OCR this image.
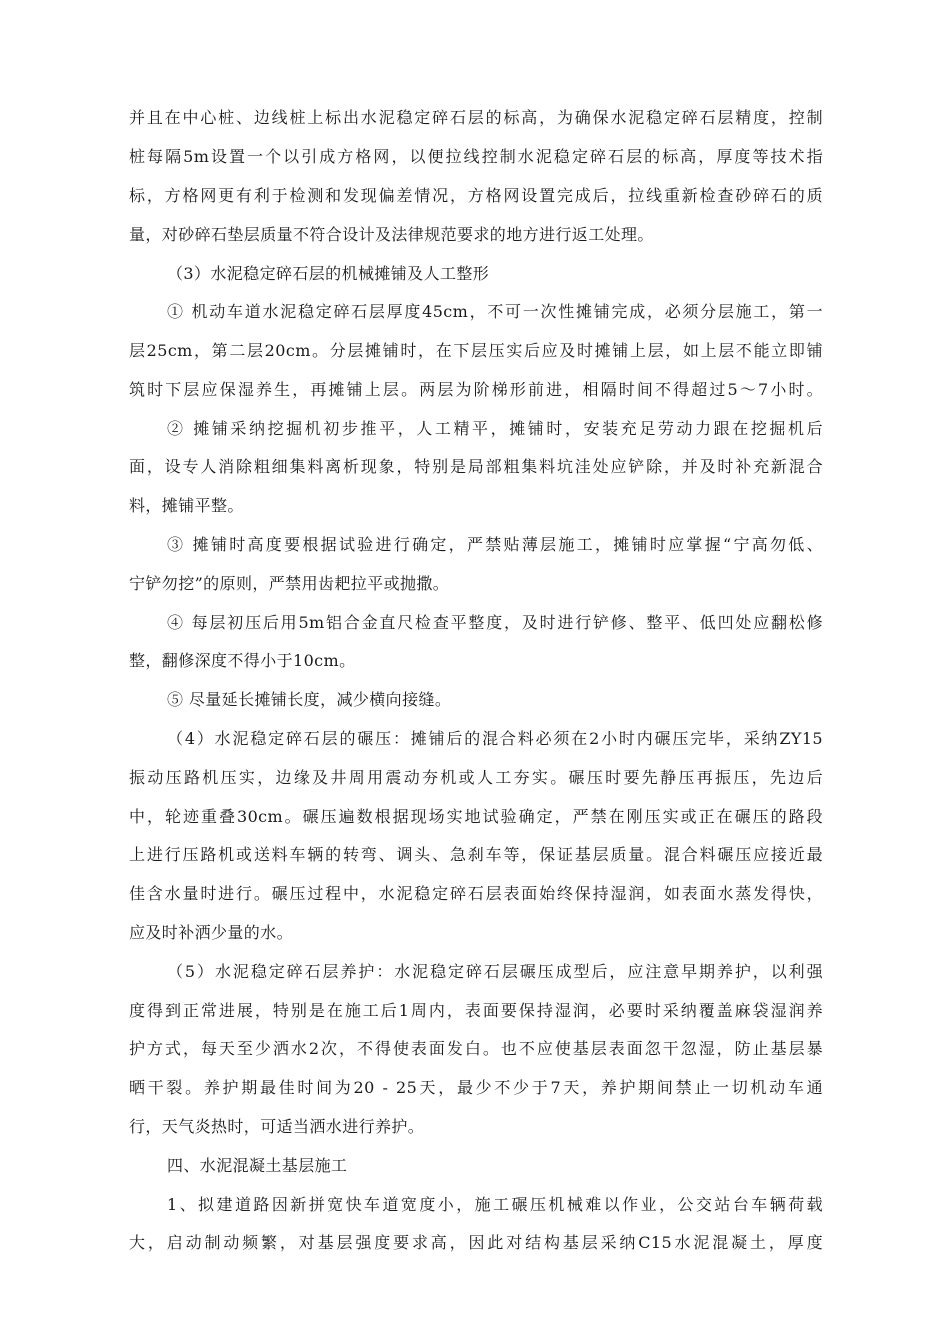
并且在中心桩、边线桩上标出水泥稳定碎石层的标高，为确保水泥稳定碎石层精度，控制
桩每隔5m设置一个以引成方格网，以便拉线控制水泥稳定碎石层的标高，厚度等技术指
标，方格网更有利于检测和发现偏差情况，方格网设置完成后，拉线重新检查砂碎石的质
量，对砂碎石垫层质量不符合设计及法律规范要求的地方进行返工处理。
（3）水泥稳定碎石层的机械摊铺及人工整形
① 机动车道水泥稳定碎石层厚度45cm，不可一次性摊铺完成，必须分层施工，第一
层25cm，第二层20cm。分层摊铺时，在下层压实后应及时摊铺上层，如上层不能立即铺
筑时下层应保湿养生，再摊铺上层。两层为阶梯形前进，相隔时间不得超过5～7小时。
② 摊铺采纳挖掘机初步推平，人工精平，摊铺时，安装充足劳动力跟在挖掘机后
面，设专人消除粗细集料离析现象，特别是局部粗集料坑洼处应铲除，并及时补充新混合
料，摊铺平整。
③ 摊铺时高度要根据试验进行确定，严禁贴薄层施工，摊铺时应掌握“宁高勿低、
宁铲勿挖”的原则，严禁用齿耙拉平或抛撒。
④ 每层初压后用5m铝合金直尺检查平整度，及时进行铲修、整平、低凹处应翻松修
整，翻修深度不得小于10cm。
⑤ 尽量延长摊铺长度，减少横向接缝。
（4）水泥稳定碎石层的碾压：摊铺后的混合料必须在2小时内碾压完毕，采纳ZY15
振动压路机压实，边缘及井周用震动夯机或人工夯实。碾压时要先静压再振压，先边后
中，轮迹重叠30cm。碾压遍数根据现场实地试验确定，严禁在刚压实或正在碾压的路段
上进行压路机或送料车辆的转弯、调头、急刹车等，保证基层质量。混合料碾压应接近最
佳含水量时进行。碾压过程中，水泥稳定碎石层表面始终保持湿润，如表面水蒸发得快，
应及时补洒少量的水。
（5）水泥稳定碎石层养护：水泥稳定碎石层碾压成型后，应注意早期养护，以利强
度得到正常进展，特别是在施工后1周内，表面要保持湿润，必要时采纳覆盖麻袋湿润养
护方式，每天至少洒水2次，不得使表面发白。也不应使基层表面忽干忽湿，防止基层暴
晒干裂。养护期最佳时间为20 - 25天，最少不少于7天，养护期间禁止一切机动车通
行，天气炎热时，可适当洒水进行养护。
四、水泥混凝土基层施工
1、拟建道路因新拼宽快车道宽度小，施工碾压机械难以作业，公交站台车辆荷载
大，启动制动频繁，对基层强度要求高，因此对结构基层采纳C15水泥混凝土，厚度
